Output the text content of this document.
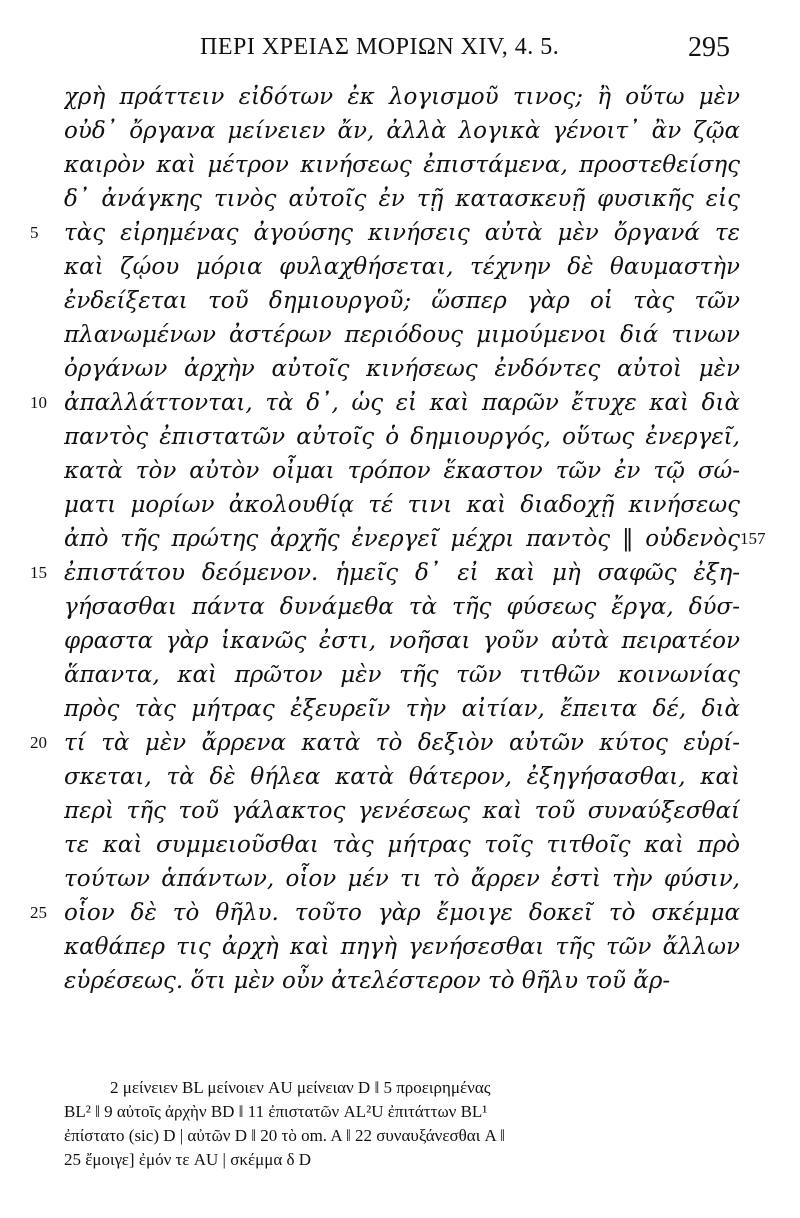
ΠΕΡΙ ΧΡΕΙΑΣ ΜΟΡΙΩΝ XIV, 4. 5.	295
χρὴ πράττειν εἰδότων ἐκ λογισμοῦ τινος; ἢ οὕτω μὲν
οὐδ᾽ ὄργανα μείνειεν ἄν, ἀλλὰ λογικὰ γένοιτ᾽ ἂν ζῷα
καιρὸν καὶ μέτρον κινήσεως ἐπιστάμενα, προστεθείσης
δ᾽ ἀνάγκης τινὸς αὐτοῖς ἐν τῇ κατασκευῇ φυσικῆς εἰς
5	τὰς εἰρημένας ἀγούσης κινήσεις αὐτὰ μὲν ὄργανά τε
καὶ ζῴου μόρια φυλαχθήσεται, τέχνην δὲ θαυμαστὴν
ἐνδείξεται τοῦ δημιουργοῦ; ὥσπερ γὰρ οἱ τὰς τῶν
πλανωμένων ἀστέρων περιόδους μιμούμενοι διά τινων
ὀργάνων ἀρχὴν αὐτοῖς κινήσεως ἐνδόντες αὐτοὶ μὲν
10 ἀπαλλάττονται, τὰ δ᾽, ὡς εἰ καὶ παρῶν ἔτυχε καὶ διὰ
παντὸς ἐπιστατῶν αὐτοῖς ὁ δημιουργός, οὕτως ἐνεργεῖ,
κατὰ τὸν αὐτὸν οἶμαι τρόπον ἕκαστον τῶν ἐν τῷ σώ-
ματι μορίων ἀκολουθίᾳ τέ τινι καὶ διαδοχῇ κινήσεως
ἀπὸ τῆς πρώτης ἀρχῆς ἐνεργεῖ μέχρι παντὸς ‖ οὐδενὸς 157
15 ἐπιστάτου δεόμενον. ἡμεῖς δ᾽ εἰ καὶ μὴ σαφῶς ἐξη-
γήσασθαι πάντα δυνάμεθα τὰ τῆς φύσεως ἔργα, δύσ-
φραστα γὰρ ἱκανῶς ἐστι, νοῆσαι γοῦν αὐτὰ πειρατέον
ἅπαντα, καὶ πρῶτον μὲν τῆς τῶν τιτθῶν κοινωνίας
πρὸς τὰς μήτρας ἐξευρεῖν τὴν αἰτίαν, ἔπειτα δέ, διὰ
20 τί τὰ μὲν ἄρρενα κατὰ τὸ δεξιὸν αὐτῶν κύτος εὑρί-
σκεται, τὰ δὲ θήλεα κατὰ θάτερον, ἐξηγήσασθαι, καὶ
περὶ τῆς τοῦ γάλακτος γενέσεως καὶ τοῦ συναύξεσθαί
τε καὶ συμμειοῦσθαι τὰς μήτρας τοῖς τιτθοῖς καὶ πρὸ
τούτων ἁπάντων, οἷον μέν τι τὸ ἄρρεν ἐστὶ τὴν φύσιν,
25 οἷον δὲ τὸ θῆλυ. τοῦτο γὰρ ἔμοιγε δοκεῖ τὸ σκέμμα
καθάπερ τις ἀρχὴ καὶ πηγὴ γενήσεσθαι τῆς τῶν ἄλλων
εὑρέσεως. ὅτι μὲν οὖν ἀτελέστερον τὸ θῆλυ τοῦ ἄρ-
2 μείνειεν BL μείνοιεν AU μείνειαν D ‖ 5 προειρημένας
BL² ‖ 9 αὐτοῖς ἀρχὴν BD ‖ 11 ἐπιστατῶν AL²U ἐπιτάττων BL¹
ἐπίστατο (sic) D | αὐτῶν D ‖ 20 τὸ om. A ‖ 22 συναυξάνεσθαι A ‖
25 ἔμοιγε] ἐμόν τε AU | σκέμμα δ D
